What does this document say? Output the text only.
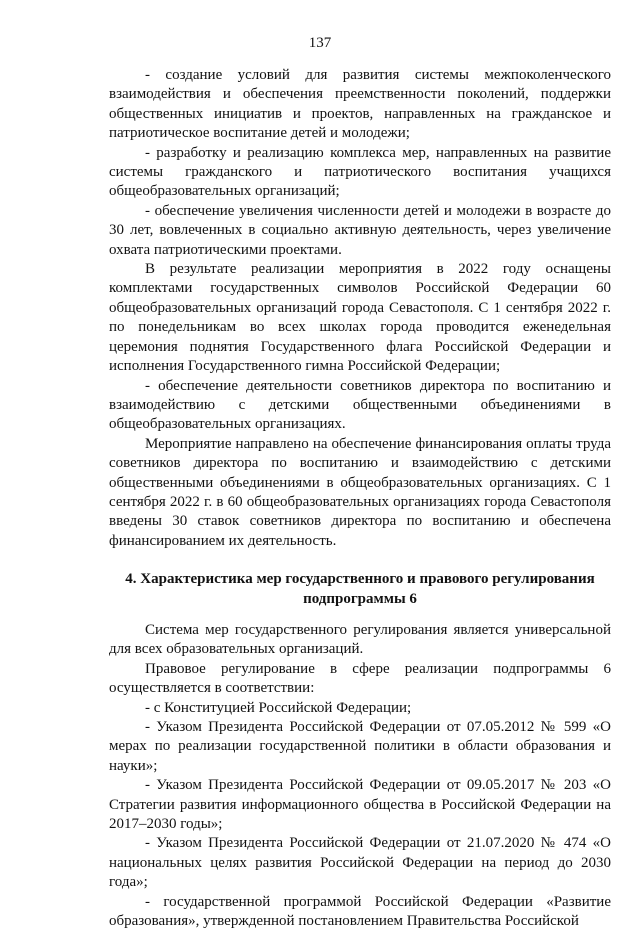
137

- создание условий для развития системы межпоколенческого взаимодействия и обеспечения преемственности поколений, поддержки общественных инициатив и проектов, направленных на гражданское и патриотическое воспитание детей и молодежи;

- разработку и реализацию комплекса мер, направленных на развитие системы гражданского и патриотического воспитания учащихся общеобразовательных организаций;

- обеспечение увеличения численности детей и молодежи в возрасте до 30 лет, вовлеченных в социально активную деятельность, через увеличение охвата патриотическими проектами.

В результате реализации мероприятия в 2022 году оснащены комплектами государственных символов Российской Федерации 60 общеобразовательных организаций города Севастополя. С 1 сентября 2022 г. по понедельникам во всех школах города проводится еженедельная церемония поднятия Государственного флага Российской Федерации и исполнения Государственного гимна Российской Федерации;

- обеспечение деятельности советников директора по воспитанию и взаимодействию с детскими общественными объединениями в общеобразовательных организациях.

Мероприятие направлено на обеспечение финансирования оплаты труда советников директора по воспитанию и взаимодействию с детскими общественными объединениями в общеобразовательных организациях. С 1 сентября 2022 г. в 60 общеобразовательных организациях города Севастополя введены 30 ставок советников директора по воспитанию и обеспечена финансированием их деятельность.

4. Характеристика мер государственного и правового регулирования подпрограммы 6

Система мер государственного регулирования является универсальной для всех образовательных организаций.

Правовое регулирование в сфере реализации подпрограммы 6 осуществляется в соответствии:

- с Конституцией Российской Федерации;

- Указом Президента Российской Федерации от 07.05.2012 № 599 «О мерах по реализации государственной политики в области образования и науки»;

- Указом Президента Российской Федерации от 09.05.2017 № 203 «О Стратегии развития информационного общества в Российской Федерации на 2017–2030 годы»;

- Указом Президента Российской Федерации от 21.07.2020 № 474 «О национальных целях развития Российской Федерации на период до 2030 года»;

- государственной программой Российской Федерации «Развитие образования», утвержденной постановлением Правительства Российской
